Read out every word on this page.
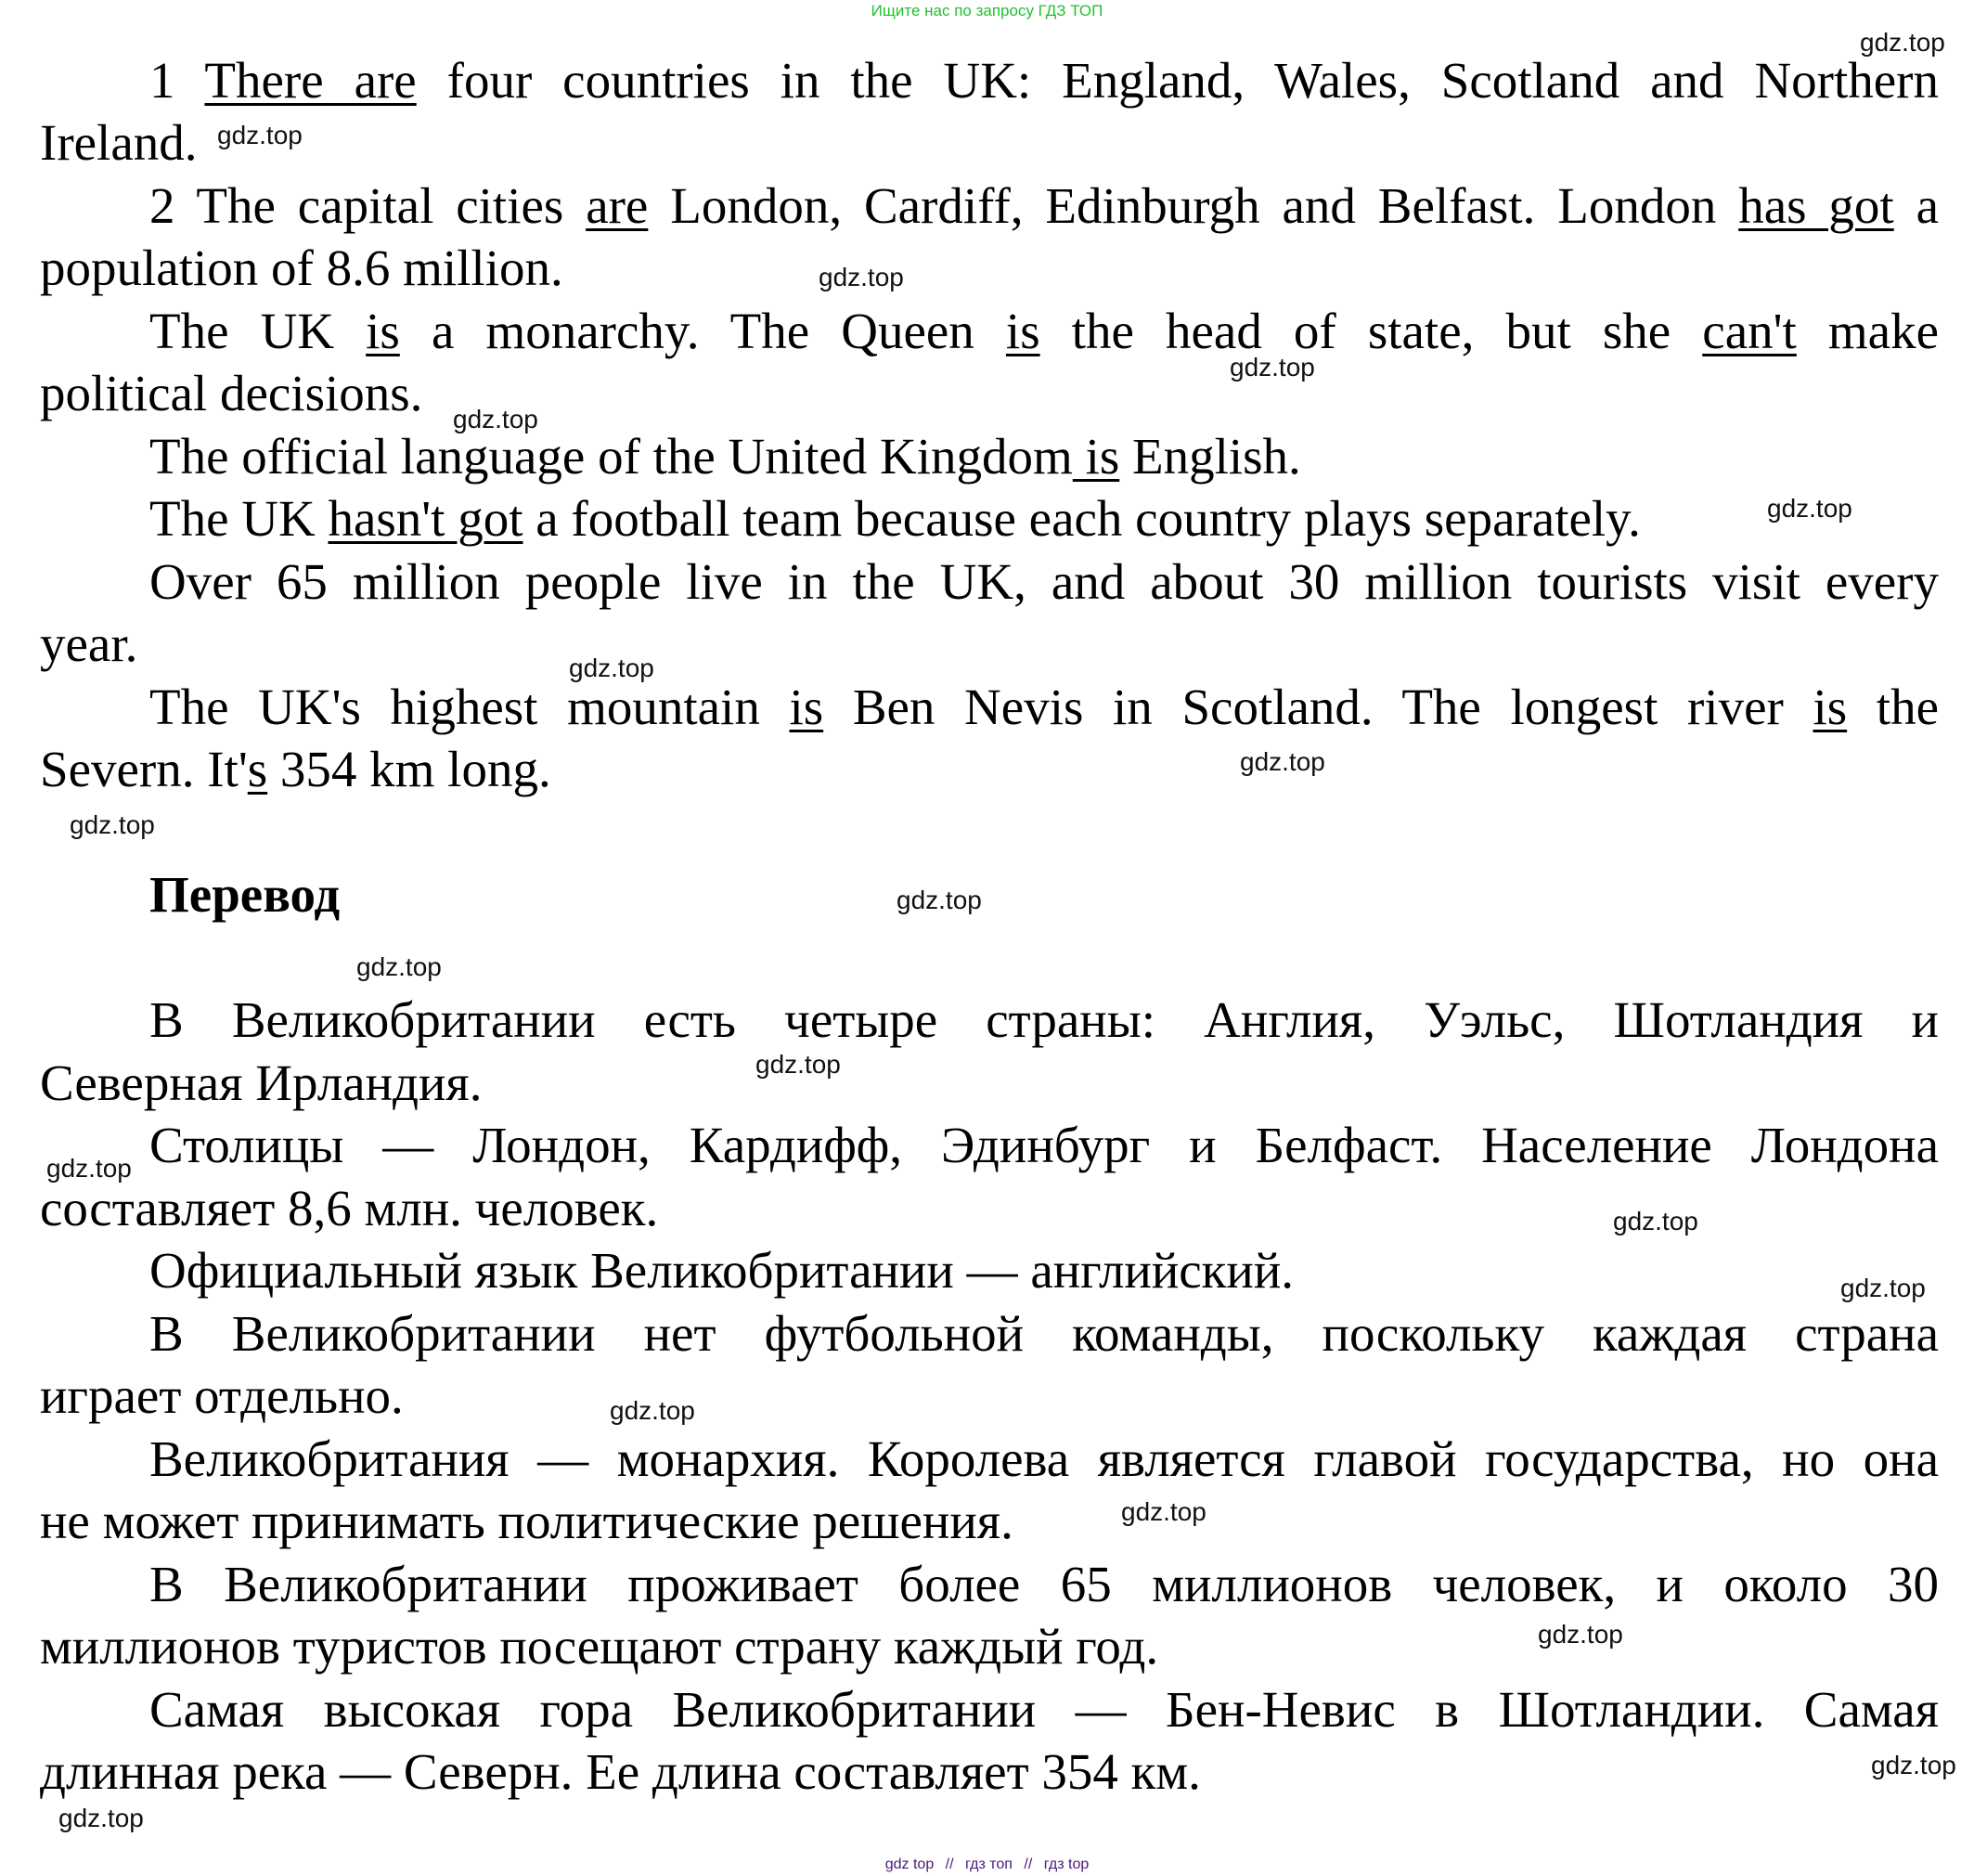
Ищите нас по запросу ГДЗ ТОП
1 There are four countries in the UK: England, Wales, Scotland and Northern
Ireland.
2 The capital cities are London, Cardiff, Edinburgh and Belfast. London has got a
population of 8.6 million.
The UK is a monarchy. The Queen is the head of state, but she can't make
political decisions.
The official language of the United Kingdom is English.
The UK hasn't got a football team because each country plays separately.
Over 65 million people live in the UK, and about 30 million tourists visit every
year.
The UK's highest mountain is Ben Nevis in Scotland. The longest river is the
Severn. It's 354 km long.
Перевод
В Великобритании есть четыре страны: Англия, Уэльс, Шотландия и
Северная Ирландия.
Столицы — Лондон, Кардифф, Эдинбург и Белфаст. Население Лондона
составляет 8,6 млн. человек.
Официальный язык Великобритании — английский.
В Великобритании нет футбольной команды, поскольку каждая страна
играет отдельно.
Великобритания — монархия. Королева является главой государства, но она
не может принимать политические решения.
В Великобритании проживает более 65 миллионов человек, и около 30
миллионов туристов посещают страну каждый год.
Самая высокая гора Великобритании — Бен-Невис в Шотландии. Самая
длинная река — Северн. Ее длина составляет 354 км.
gdz.top
gdz.top
gdz.top
gdz.top
gdz.top
gdz.top
gdz.top
gdz.top
gdz.top
gdz.top
gdz.top
gdz.top
gdz.top
gdz.top
gdz.top
gdz.top
gdz.top
gdz.top
gdz.top
gdz.top
gdz top // гдз топ // гдз top
